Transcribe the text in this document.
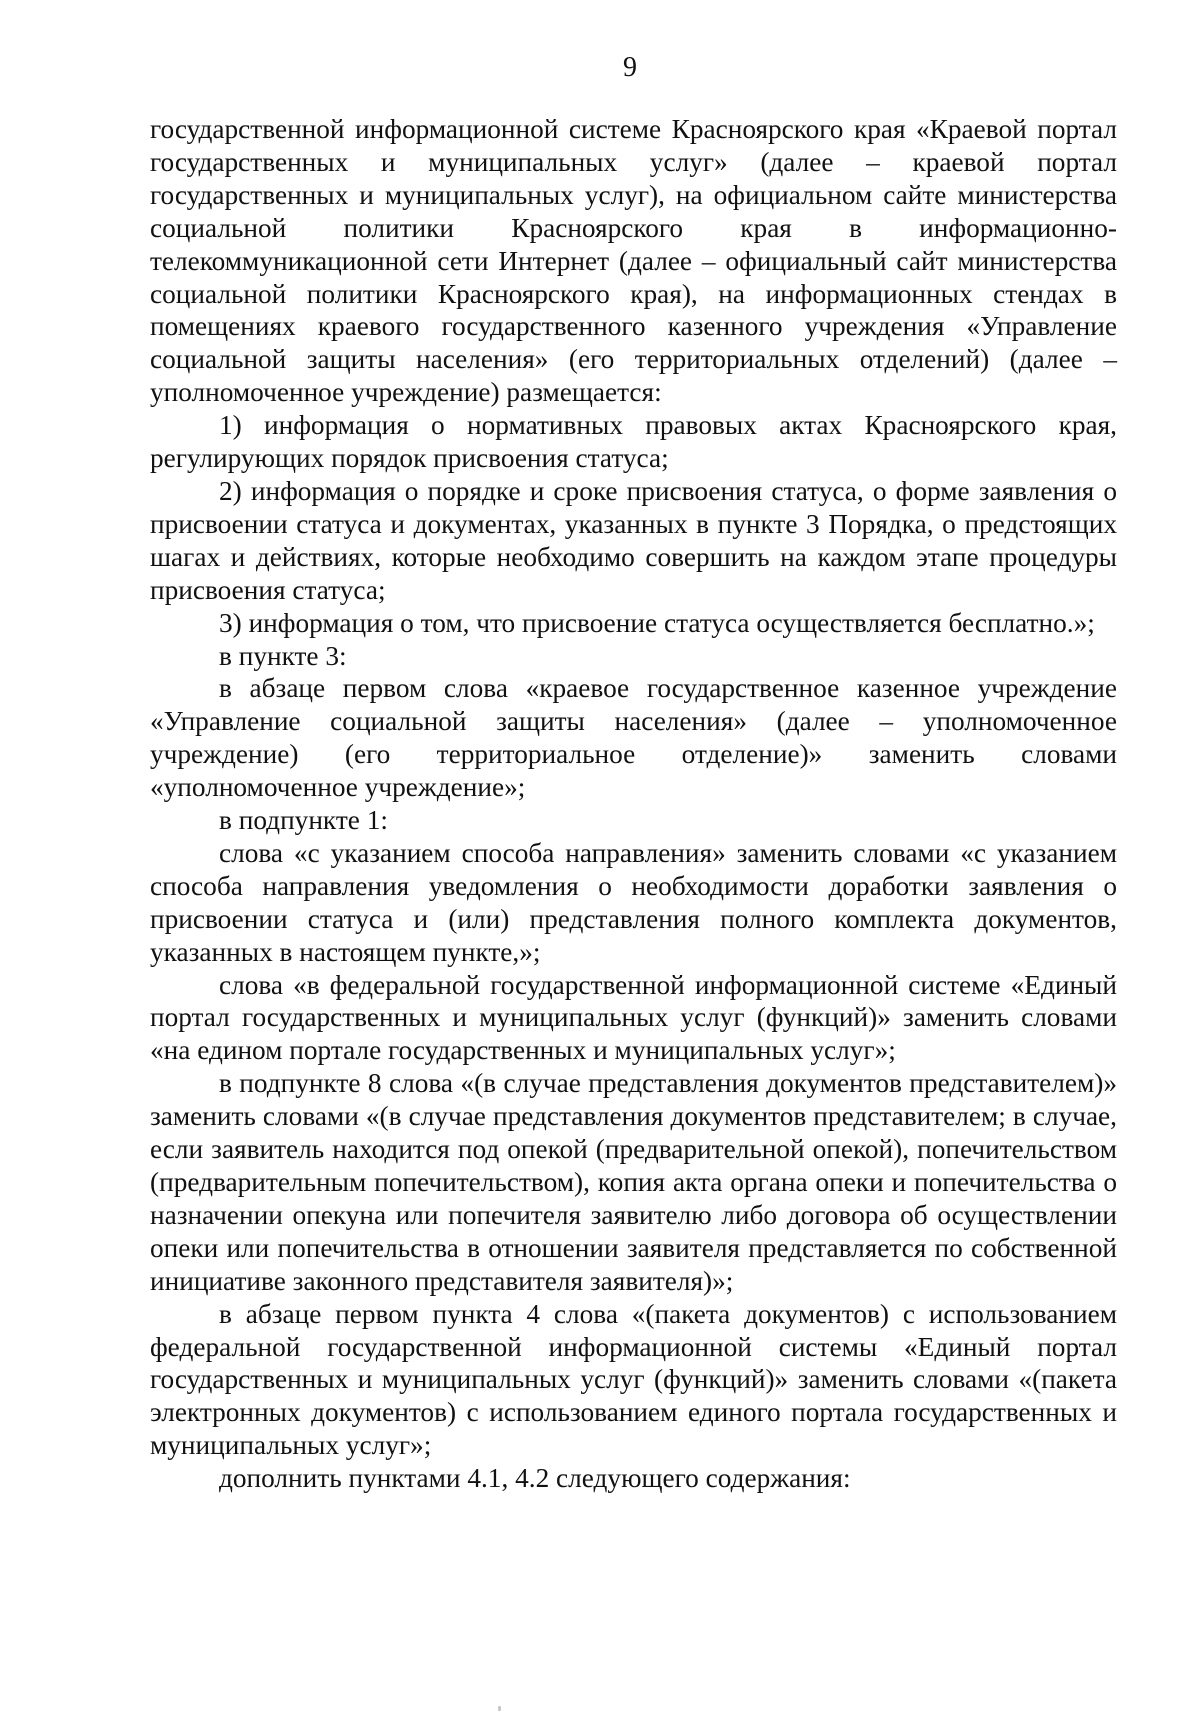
9

государственной информационной системе Красноярского края «Краевой портал государственных и муниципальных услуг» (далее – краевой портал государственных и муниципальных услуг), на официальном сайте министерства социальной политики Красноярского края в информационно-телекоммуникационной сети Интернет (далее – официальный сайт министерства социальной политики Красноярского края), на информационных стендах в помещениях краевого государственного казенного учреждения «Управление социальной защиты населения» (его территориальных отделений) (далее – уполномоченное учреждение) размещается:

1) информация о нормативных правовых актах Красноярского края, регулирующих порядок присвоения статуса;

2) информация о порядке и сроке присвоения статуса, о форме заявления о присвоении статуса и документах, указанных в пункте 3 Порядка, о предстоящих шагах и действиях, которые необходимо совершить на каждом этапе процедуры присвоения статуса;

3) информация о том, что присвоение статуса осуществляется бесплатно.»;

в пункте 3:

в абзаце первом слова «краевое государственное казенное учреждение «Управление социальной защиты населения» (далее – уполномоченное учреждение) (его территориальное отделение)» заменить словами «уполномоченное учреждение»;

в подпункте 1:

слова «с указанием способа направления» заменить словами «с указанием способа направления уведомления о необходимости доработки заявления о присвоении статуса и (или) представления полного комплекта документов, указанных в настоящем пункте,»;

слова «в федеральной государственной информационной системе «Единый портал государственных и муниципальных услуг (функций)» заменить словами «на едином портале государственных и муниципальных услуг»;

в подпункте 8 слова «(в случае представления документов представителем)» заменить словами «(в случае представления документов представителем; в случае, если заявитель находится под опекой (предварительной опекой), попечительством (предварительным попечительством), копия акта органа опеки и попечительства о назначении опекуна или попечителя заявителю либо договора об осуществлении опеки или попечительства в отношении заявителя представляется по собственной инициативе законного представителя заявителя)»;

в абзаце первом пункта 4 слова «(пакета документов) с использованием федеральной государственной информационной системы «Единый портал государственных и муниципальных услуг (функций)» заменить словами «(пакета электронных документов) с использованием единого портала государственных и муниципальных услуг»;

дополнить пунктами 4.1, 4.2 следующего содержания:
